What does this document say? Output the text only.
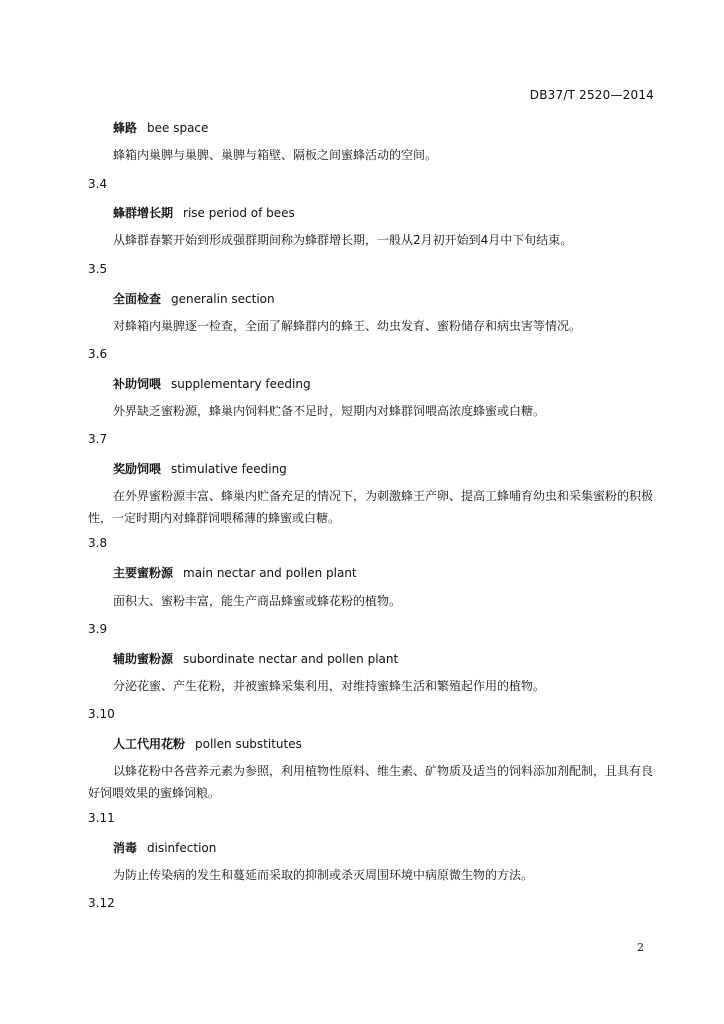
DB37/T 2520—2014
蜂路 bee space
蜂箱内巢脾与巢脾、巢脾与箱壁、隔板之间蜜蜂活动的空间。
3.4
蜂群增长期 rise period of bees
从蜂群春繁开始到形成强群期间称为蜂群增长期，一般从2月初开始到4月中下旬结束。
3.5
全面检查 generalin section
对蜂箱内巢脾逐一检查，全面了解蜂群内的蜂王、幼虫发育、蜜粉储存和病虫害等情况。
3.6
补助饲喂 supplementary feeding
外界缺乏蜜粉源，蜂巢内饲料贮备不足时，短期内对蜂群饲喂高浓度蜂蜜或白糖。
3.7
奖励饲喂 stimulative feeding
在外界蜜粉源丰富、蜂巢内贮备充足的情况下，为刺激蜂王产卵、提高工蜂哺育幼虫和采集蜜粉的积极性，一定时期内对蜂群饲喂稀薄的蜂蜜或白糖。
3.8
主要蜜粉源 main nectar and pollen plant
面积大、蜜粉丰富，能生产商品蜂蜜或蜂花粉的植物。
3.9
辅助蜜粉源 subordinate nectar and pollen plant
分泌花蜜、产生花粉，并被蜜蜂采集利用，对维持蜜蜂生活和繁殖起作用的植物。
3.10
人工代用花粉 pollen substitutes
以蜂花粉中各营养元素为参照，利用植物性原料、维生素、矿物质及适当的饲料添加剂配制，且具有良好饲喂效果的蜜蜂饲粮。
3.11
消毒 disinfection
为防止传染病的发生和蔓延而采取的抑制或杀灭周围环境中病原微生物的方法。
3.12
2
